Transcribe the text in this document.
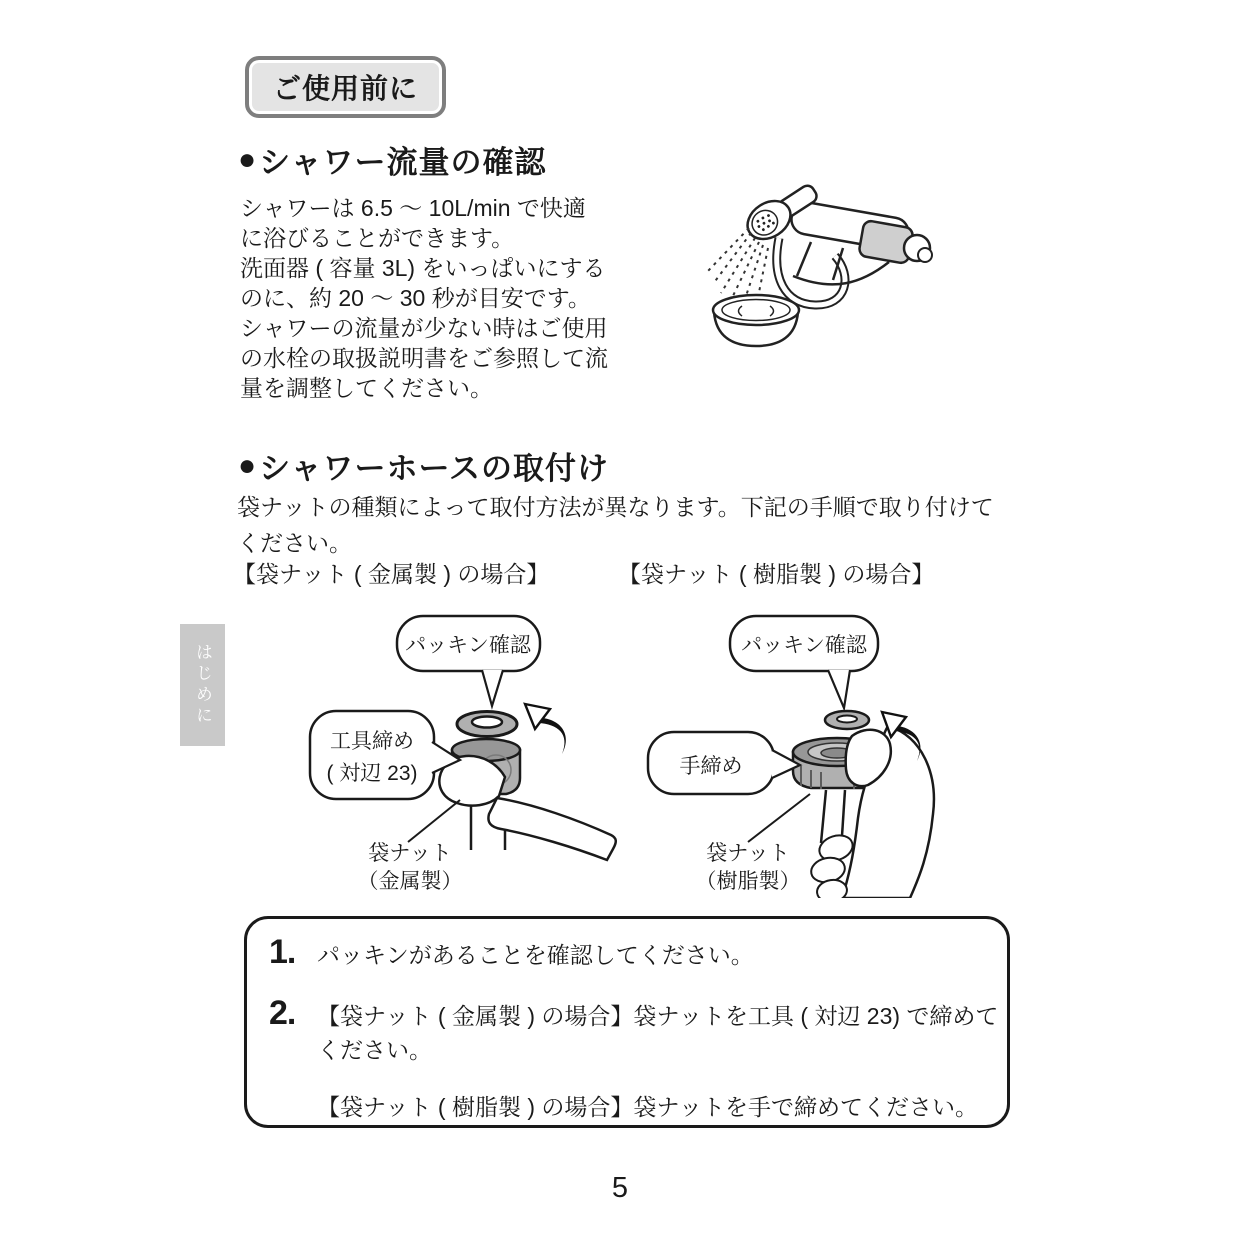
ご使用前に
● シャワー流量の確認
シャワーは 6.5 ～ 10L/min で快適
に浴びることができます。
洗面器 ( 容量 3L) をいっぱいにする
のに、約 20 ～ 30 秒が目安です。
シャワーの流量が少ない時はご使用
の水栓の取扱説明書をご参照して流
量を調整してください。
● シャワーホースの取付け
袋ナットの種類によって取付方法が異なります。下記の手順で取り付けて
ください。
【袋ナット ( 金属製 ) の場合】	【袋ナット ( 樹脂製 ) の場合】
はじめに	パッキン確認
工具締め
( 対辺 23)
袋ナット
（金属製）
パッキン確認
手締め
袋ナット
（樹脂製）
1. パッキンがあることを確認してください。
2. 【袋ナット ( 金属製 ) の場合】袋ナットを工具 ( 対辺 23) で締めて
ください。
【袋ナット ( 樹脂製 ) の場合】袋ナットを手で締めてください。
5
